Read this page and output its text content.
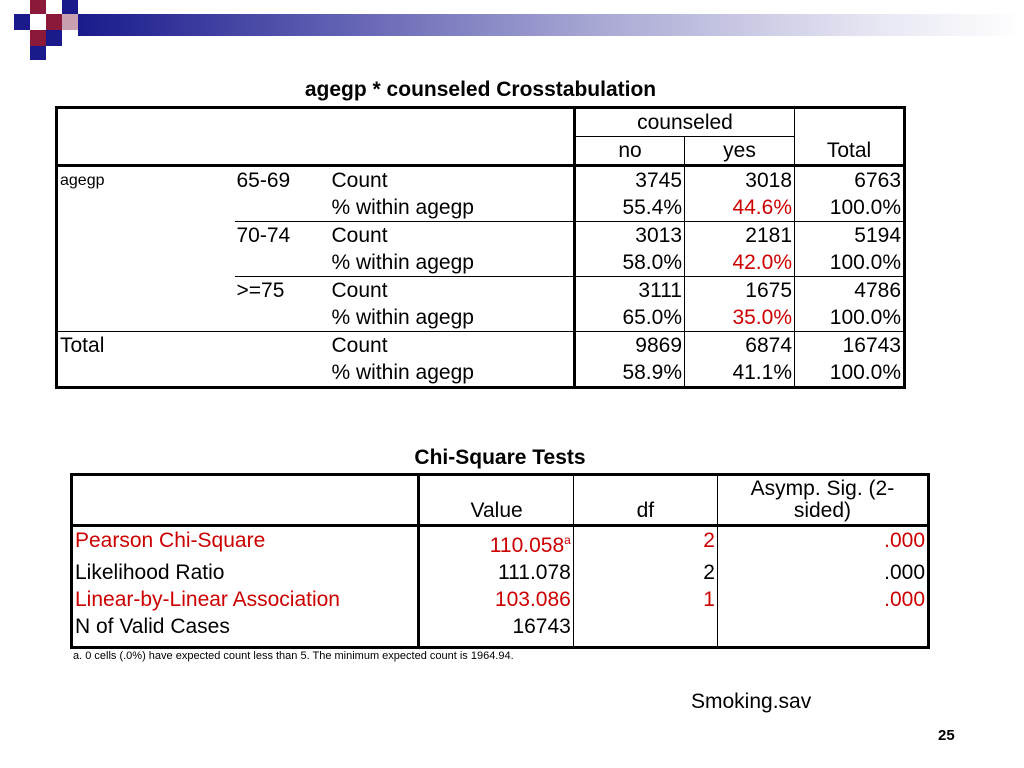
agegp * counseled Crosstabulation
			counseled		Total
			no	yes	
agegp	65-69	Count	3745	3018	6763
		% within agegp	55.4%	44.6%	100.0%
	70-74	Count	3013	2181	5194
		% within agegp	58.0%	42.0%	100.0%
	>=75	Count	3111	1675	4786
		% within agegp	65.0%	35.0%	100.0%
Total		Count	9869	6874	16743
		% within agegp	58.9%	41.1%	100.0%
Chi-Square Tests
	Value	df	Asymp. Sig. (2-sided)
Pearson Chi-Square	110.058$^a$	2	.000
Likelihood Ratio	111.078	2	.000
Linear-by-Linear Association	103.086	1	.000
N of Valid Cases	16743		
a. 0 cells (.0%) have expected count less than 5. The minimum expected count is 1964.94.
Smoking.sav
25
